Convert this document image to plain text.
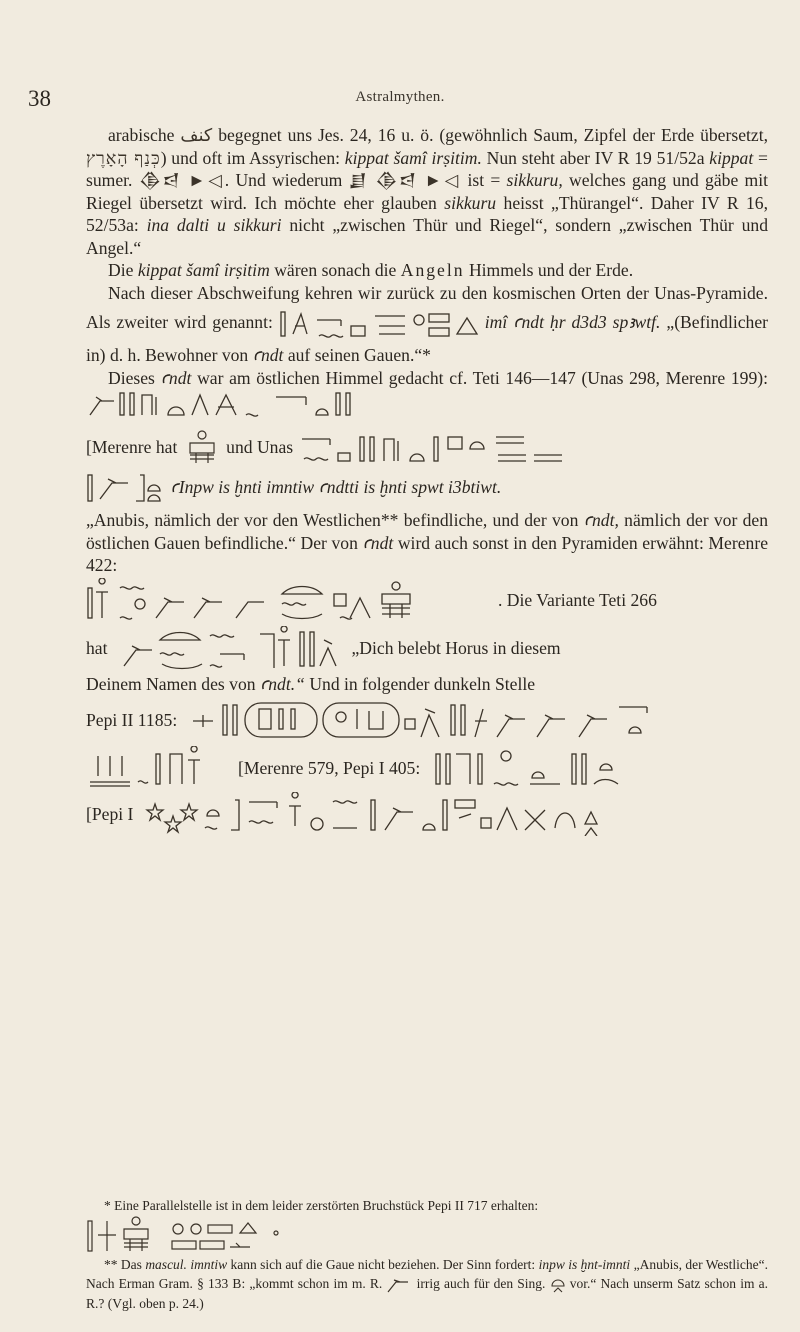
38	Astralmythen.

arabische كنف begegnet uns Jes. 24, 16 u. ö. (gewöhnlich Saum, Zipfel der Erde übersetzt, כְּנַף הָאָרֶץ) und oft im Assyrischen: kippat šamî irṣitim. Nun steht aber IV R 19 51/52a kippat = sumer. 𒆠𒁀 ►◁. Und wiederum 𒋗 𒆠𒁀 ►◁ ist = sikkuru, welches gang und gäbe mit Riegel übersetzt wird. Ich möchte eher glauben sikkuru heisst „Thürangel“. Daher IV R 16, 52/53a: ina dalti u sikkuri nicht „zwischen Thür und Riegel“, sondern „zwischen Thür und Angel.“

Die kippat šamî irṣitim wären sonach die Angeln Himmels und der Erde.

Nach dieser Abschweifung kehren wir zurück zu den kosmischen Orten der Unas-Pyramide. Als zweiter wird genannt:	imî ꜥndt ḥr d3d3 spꜣwtf. „(Befindlicher in) d. h. Bewohner von ꜥndt auf seinen Gauen.“*

Dieses ꜥndt war am östlichen Himmel gedacht cf. Teti 146—147 (Unas 298, Merenre 199):

[Merenre hat	und Unas

ꜥInpw is ḫnti imntiw ꜥndtti is ḫnti spwt i3btiwt.

„Anubis, nämlich der vor den Westlichen** befindliche, und der von ꜥndt, nämlich der vor den östlichen Gauen befindliche.“ Der von ꜥndt wird auch sonst in den Pyramiden erwähnt: Merenre 422:

. Die Variante Teti 266
hat	„Dich belebt Horus in diesem

Deinem Namen des von ꜥndt.“ Und in folgender dunkeln Stelle

Pepi II 1185:
[Merenre 579, Pepi I 405:
[Pepi I

* Eine Parallelstelle ist in dem leider zerstörten Bruchstück Pepi II 717 erhalten:

** Das mascul. imntiw kann sich auf die Gaue nicht beziehen. Der Sinn fordert: inpw is ḫnt-imnti „Anubis, der Westliche“. Nach Erman Gram. § 133 B: „kommt schon im m. R.	irrig auch für den Sing. vor.“ Nach unserm Satz schon im a. R.? (Vgl. oben p. 24.)
